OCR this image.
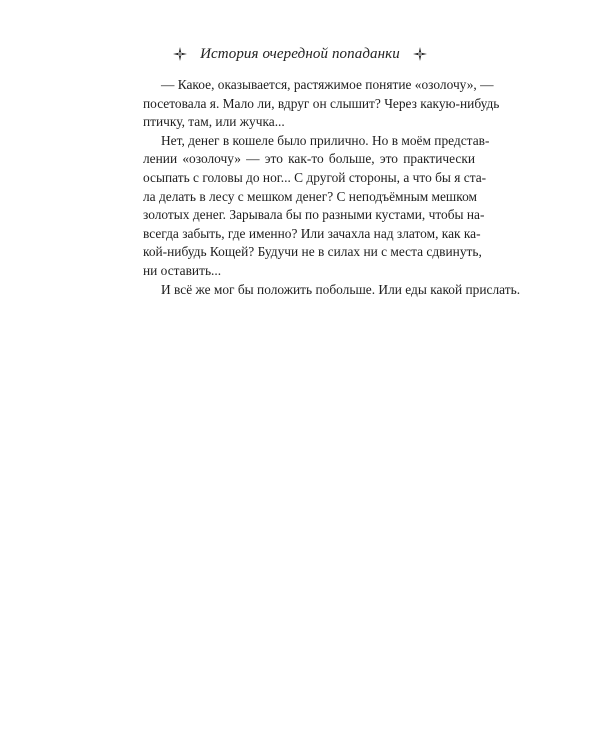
История очередной попаданки
— Какое, оказывается, растяжимое понятие «озолочу», —
посетовала я. Мало ли, вдруг он слышит? Через какую-нибудь
птичку, там, или жучка...
Нет, денег в кошеле было прилично. Но в моём представ-
лении «озолочу» — это как-то больше, это практически
осыпать с головы до ног... С другой стороны, а что бы я ста-
ла делать в лесу с мешком денег? С неподъёмным мешком
золотых денег. Зарывала бы по разными кустами, чтобы на-
всегда забыть, где именно? Или зачахла над златом, как ка-
кой-нибудь Кощей? Будучи не в силах ни с места сдвинуть,
ни оставить...
И всё же мог бы положить побольше. Или еды какой прислать.
